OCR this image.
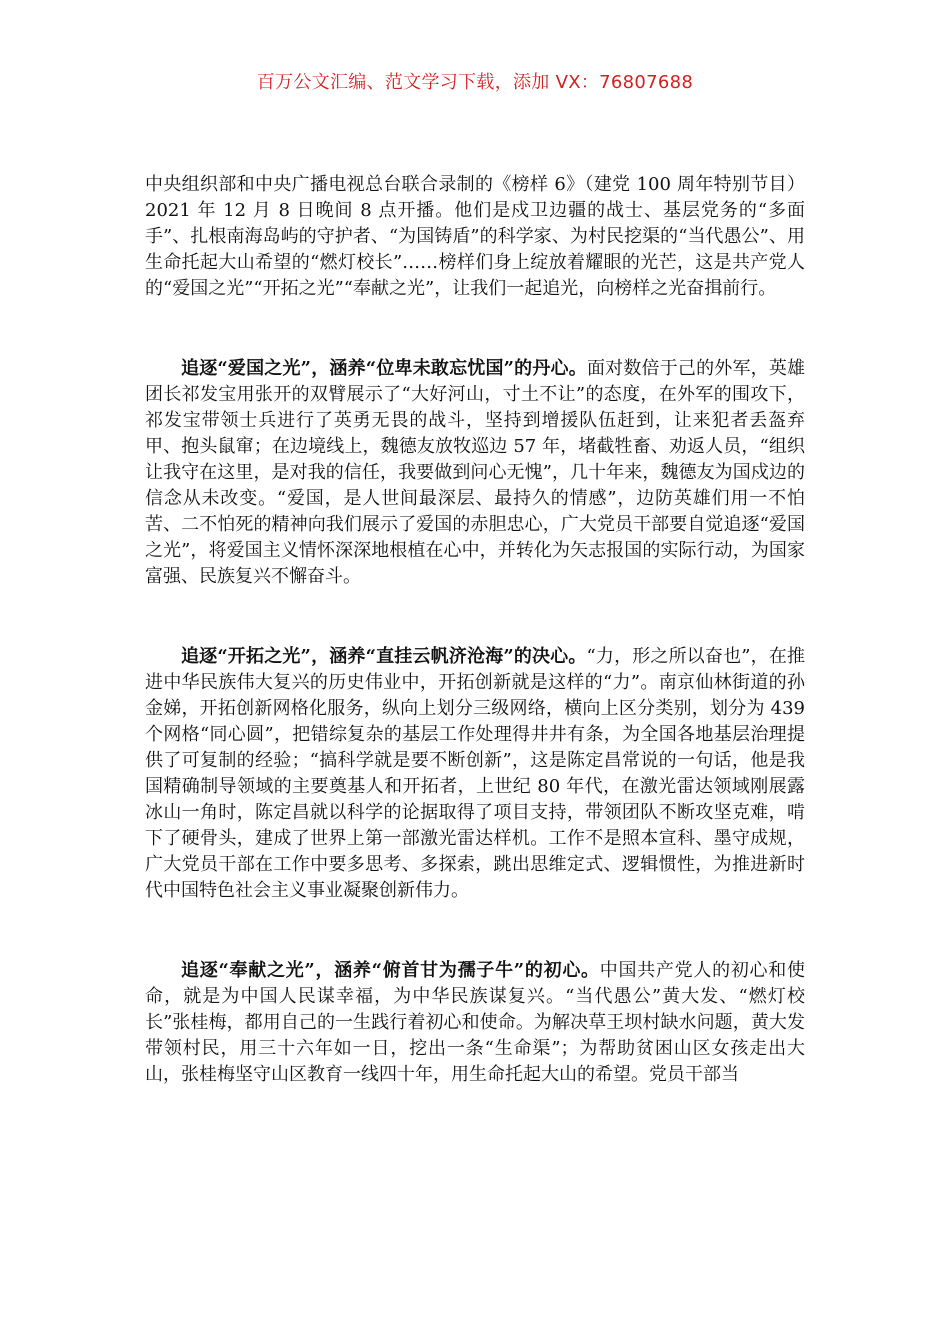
百万公文汇编、范文学习下载，添加 VX：76807688

中央组织部和中央广播电视总台联合录制的《榜样 6》（建党 100 周年特别节目）2021 年 12 月 8 日晚间 8 点开播。他们是戍卫边疆的战士、基层党务的“多面手”、扎根南海岛屿的守护者、“为国铸盾”的科学家、为村民挖渠的“当代愚公”、用生命托起大山希望的“燃灯校长”……榜样们身上绽放着耀眼的光芒，这是共产党人的“爱国之光”“开拓之光”“奉献之光”，让我们一起追光，向榜样之光奋揖前行。

追逐“爱国之光”，涵养“位卑未敢忘忧国”的丹心。面对数倍于己的外军，英雄团长祁发宝用张开的双臂展示了“大好河山，寸土不让”的态度，在外军的围攻下，祁发宝带领士兵进行了英勇无畏的战斗，坚持到增援队伍赶到，让来犯者丢盔弃甲、抱头鼠窜；在边境线上，魏德友放牧巡边 57 年，堵截牲畜、劝返人员，“组织让我守在这里，是对我的信任，我要做到问心无愧”，几十年来，魏德友为国戍边的信念从未改变。“爱国，是人世间最深层、最持久的情感”，边防英雄们用一不怕苦、二不怕死的精神向我们展示了爱国的赤胆忠心，广大党员干部要自觉追逐“爱国之光”，将爱国主义情怀深深地根植在心中，并转化为矢志报国的实际行动，为国家富强、民族复兴不懈奋斗。

追逐“开拓之光”，涵养“直挂云帆济沧海”的决心。“力，形之所以奋也”，在推进中华民族伟大复兴的历史伟业中，开拓创新就是这样的“力”。南京仙林街道的孙金娣，开拓创新网格化服务，纵向上划分三级网络，横向上区分类别，划分为 439 个网格“同心圆”，把错综复杂的基层工作处理得井井有条，为全国各地基层治理提供了可复制的经验；“搞科学就是要不断创新”，这是陈定昌常说的一句话，他是我国精确制导领域的主要奠基人和开拓者，上世纪 80 年代，在激光雷达领域刚展露冰山一角时，陈定昌就以科学的论据取得了项目支持，带领团队不断攻坚克难，啃下了硬骨头，建成了世界上第一部激光雷达样机。工作不是照本宣科、墨守成规，广大党员干部在工作中要多思考、多探索，跳出思维定式、逻辑惯性，为推进新时代中国特色社会主义事业凝聚创新伟力。

追逐“奉献之光”，涵养“俯首甘为孺子牛”的初心。中国共产党人的初心和使命，就是为中国人民谋幸福，为中华民族谋复兴。“当代愚公”黄大发、“燃灯校长”张桂梅，都用自己的一生践行着初心和使命。为解决草王坝村缺水问题，黄大发带领村民，用三十六年如一日，挖出一条“生命渠”；为帮助贫困山区女孩走出大山，张桂梅坚守山区教育一线四十年，用生命托起大山的希望。党员干部当
